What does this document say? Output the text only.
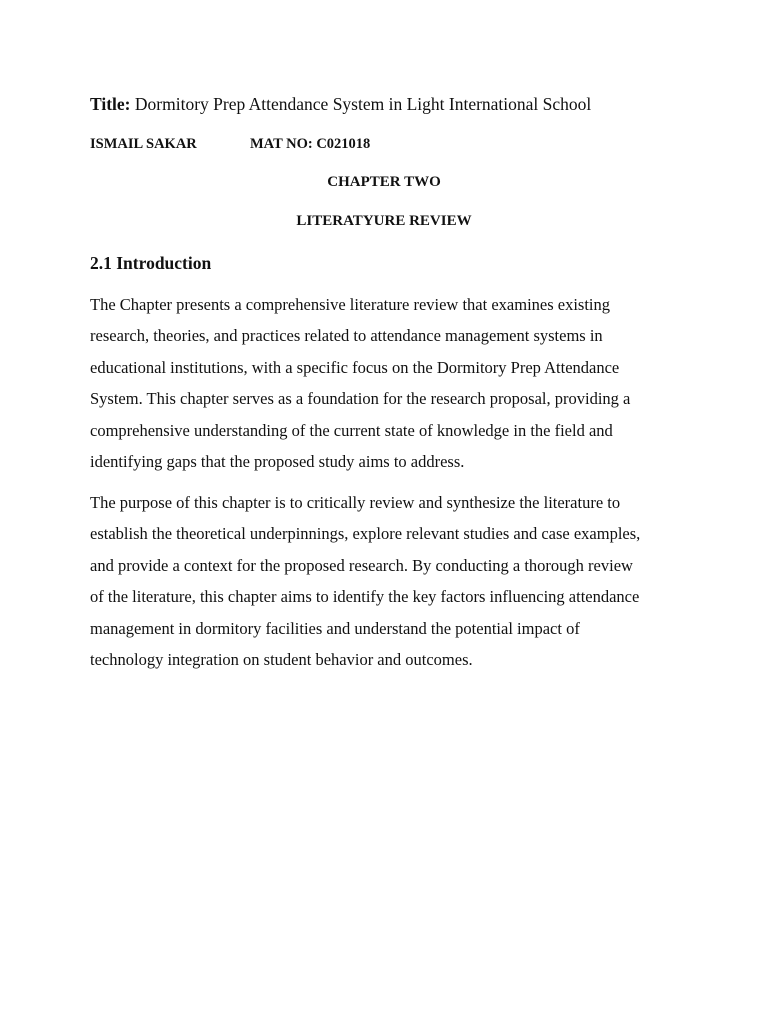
Title: Dormitory Prep Attendance System in Light International School
ISMAIL SAKAR	MAT NO: C021018
CHAPTER TWO
LITERATYURE REVIEW
2.1 Introduction

The Chapter presents a comprehensive literature review that examines existing
research, theories, and practices related to attendance management systems in
educational institutions, with a specific focus on the Dormitory Prep Attendance
System. This chapter serves as a foundation for the research proposal, providing a
comprehensive understanding of the current state of knowledge in the field and
identifying gaps that the proposed study aims to address.

The purpose of this chapter is to critically review and synthesize the literature to
establish the theoretical underpinnings, explore relevant studies and case examples,
and provide a context for the proposed research. By conducting a thorough review
of the literature, this chapter aims to identify the key factors influencing attendance
management in dormitory facilities and understand the potential impact of
technology integration on student behavior and outcomes.
